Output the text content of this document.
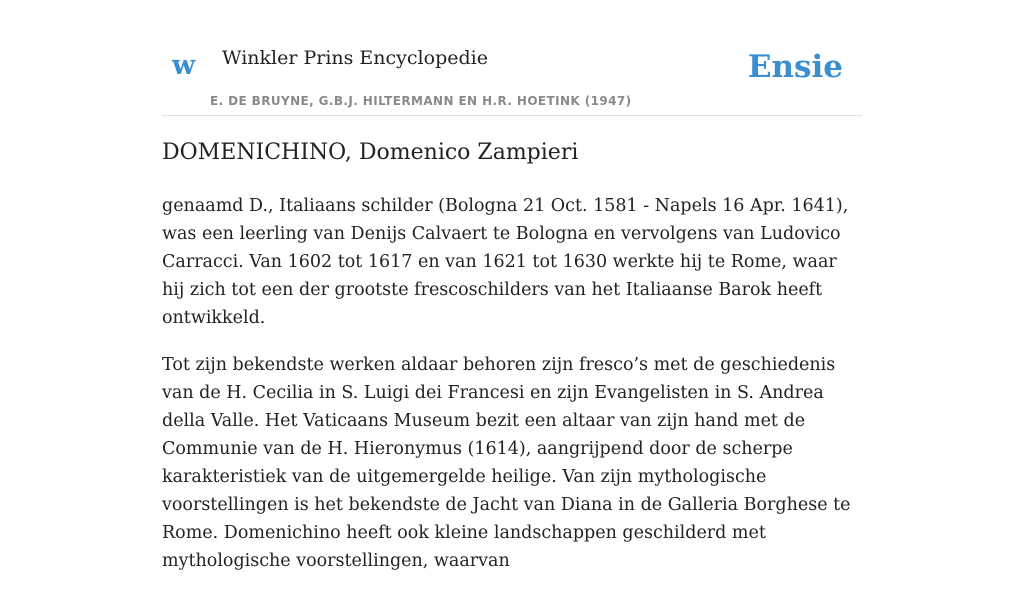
w Winkler Prins Encyclopedie
E. DE BRUYNE, G.B.J. HILTERMANN EN H.R. HOETINK (1947)
Ensie
DOMENICHINO, Domenico Zampieri

genaamd D., Italiaans schilder (Bologna 21 Oct. 1581 - Napels 16 Apr. 1641), was een leerling van Denijs Calvaert te Bologna en vervolgens van Ludovico Carracci. Van 1602 tot 1617 en van 1621 tot 1630 werkte hij te Rome, waar hij zich tot een der grootste frescoschilders van het Italiaanse Barok heeft ontwikkeld.

Tot zijn bekendste werken aldaar behoren zijn fresco’s met de geschiedenis van de H. Cecilia in S. Luigi dei Francesi en zijn Evangelisten in S. Andrea della Valle. Het Vaticaans Museum bezit een altaar van zijn hand met de Communie van de H. Hieronymus (1614), aangrijpend door de scherpe karakteristiek van de uitgemergelde heilige. Van zijn mythologische voorstellingen is het bekendste de Jacht van Diana in de Galleria Borghese te Rome. Domenichino heeft ook kleine landschappen geschilderd met mythologische voorstellingen, waarvan
